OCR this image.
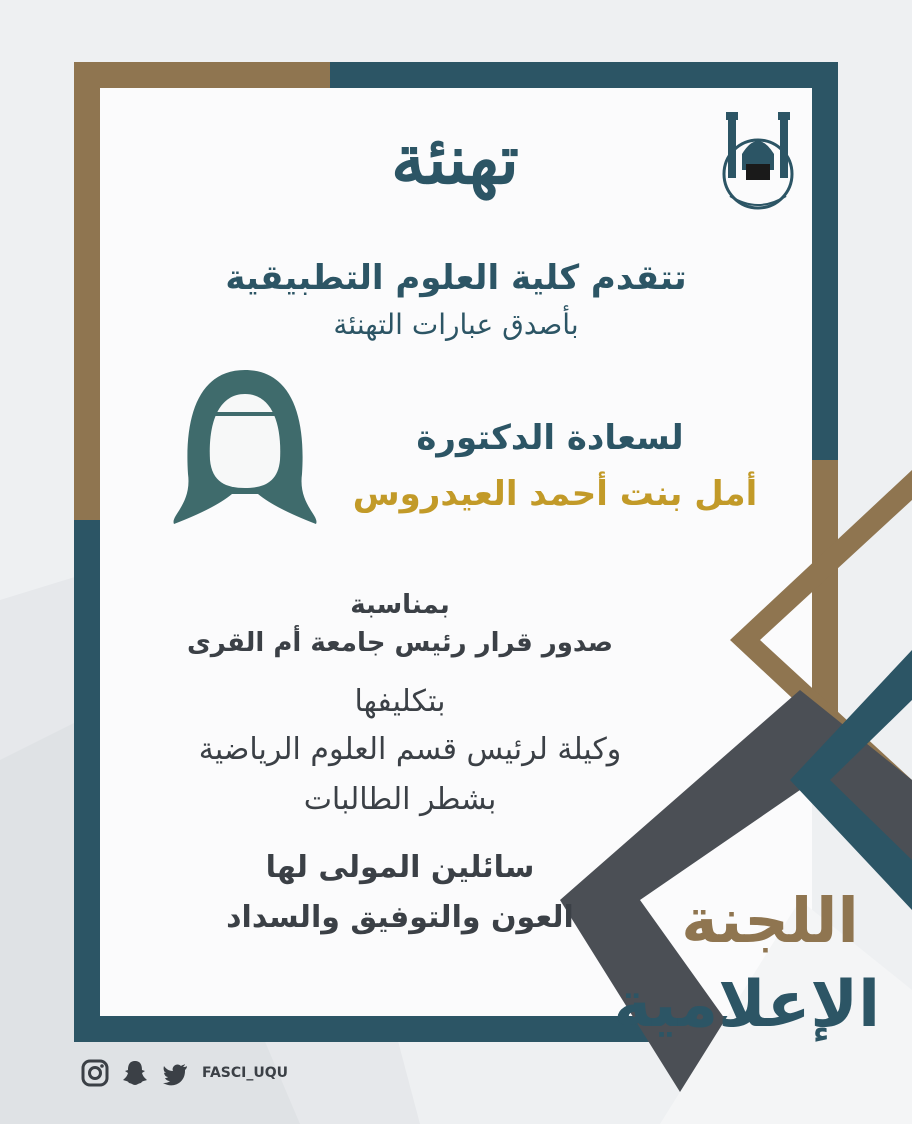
تهنئة
تتقدم كلية العلوم التطبيقية
بأصدق عبارات التهنئة
لسعادة الدكتورة
أمل بنت أحمد العيدروس
بمناسبة
صدور قرار رئيس جامعة أم القرى
بتكليفها
وكيلة لرئيس قسم العلوم الرياضية
بشطر الطالبات
سائلين المولى لها
العون والتوفيق والسداد	اللجنة
الإعلامية
FASCI_UQU
